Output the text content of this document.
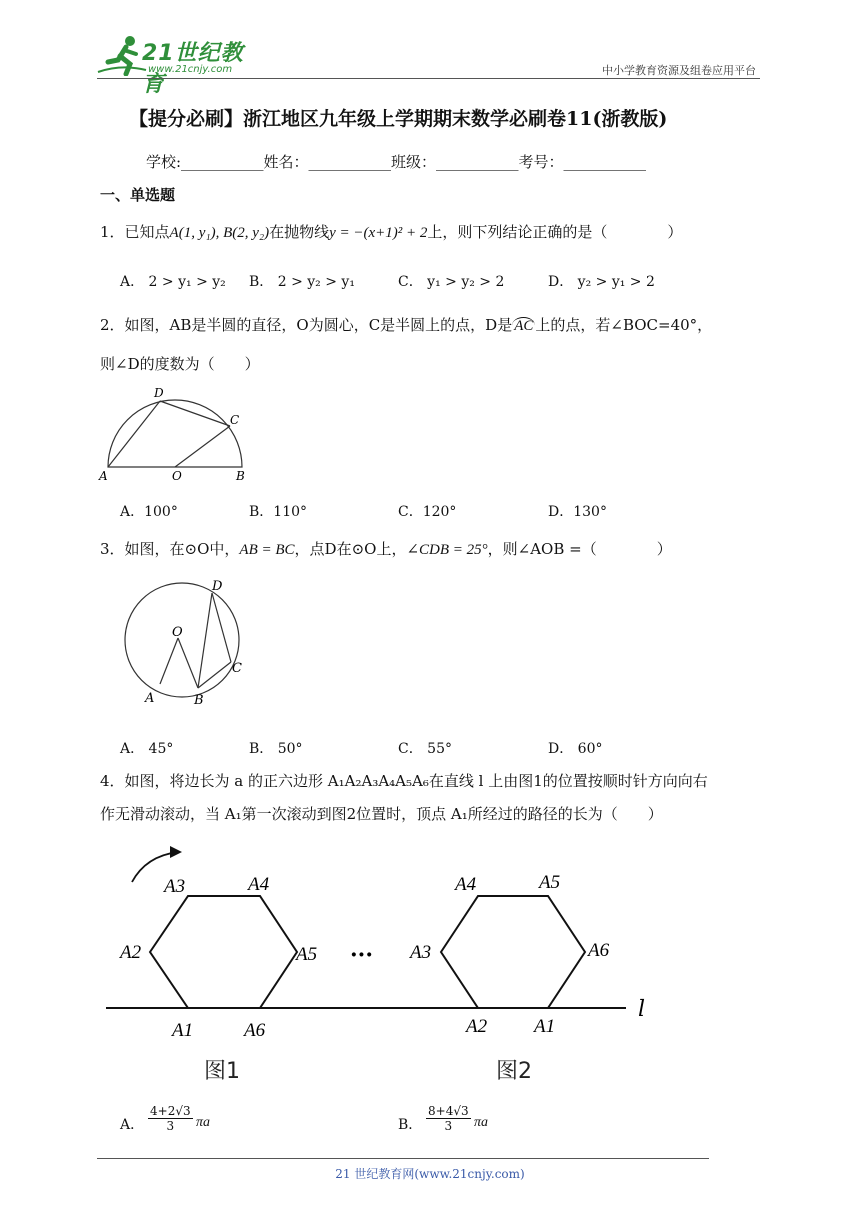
21世纪教育
www.21cnjy.com	中小学教育资源及组卷应用平台
【提分必刷】浙江地区九年级上学期期末数学必刷卷11(浙教版)
学校:___________姓名：___________班级：___________考号：___________
一、单选题
1．已知点A(1, y₁), B(2, y₂)在抛物线y = −(x+1)² + 2上，则下列结论正确的是（　　　　）
A． 2 > y₁ > y₂ B． 2 > y₂ > y₁	C． y₁ > y₂ > 2	D． y₂ > y₁ > 2
2．如图，AB是半圆的直径，O为圆心，C是半圆上的点，D是 AC 上的点，若∠BOC=40°，
则∠D的度数为（　　）
D
C
A	O	B
A．100°	B．110°	C．120°	D．130°
3．如图，在⊙O中，AB = BC，点D在⊙O上，∠CDB = 25°，则∠AOB =（　　　　）
D
O
C
A	B
A． 45°	B． 50°	C． 55°	D． 60°
4．如图，将边长为 a 的正六边形 A₁A₂A₃A₄A₅A₆在直线 l 上由图1的位置按顺时针方向向右
作无滑动滚动，当 A₁第一次滚动到图2位置时，顶点 A₁所经过的路径的长为（　　）
l
···
A3	A4
A2	A5
A1	A6
A4	A5
A3	A6
A2 A1
图1	图2
A．
4+2√3
3	πa	B．
8+4√3
3	πa
21 世纪教育网(www.21cnjy.com)
